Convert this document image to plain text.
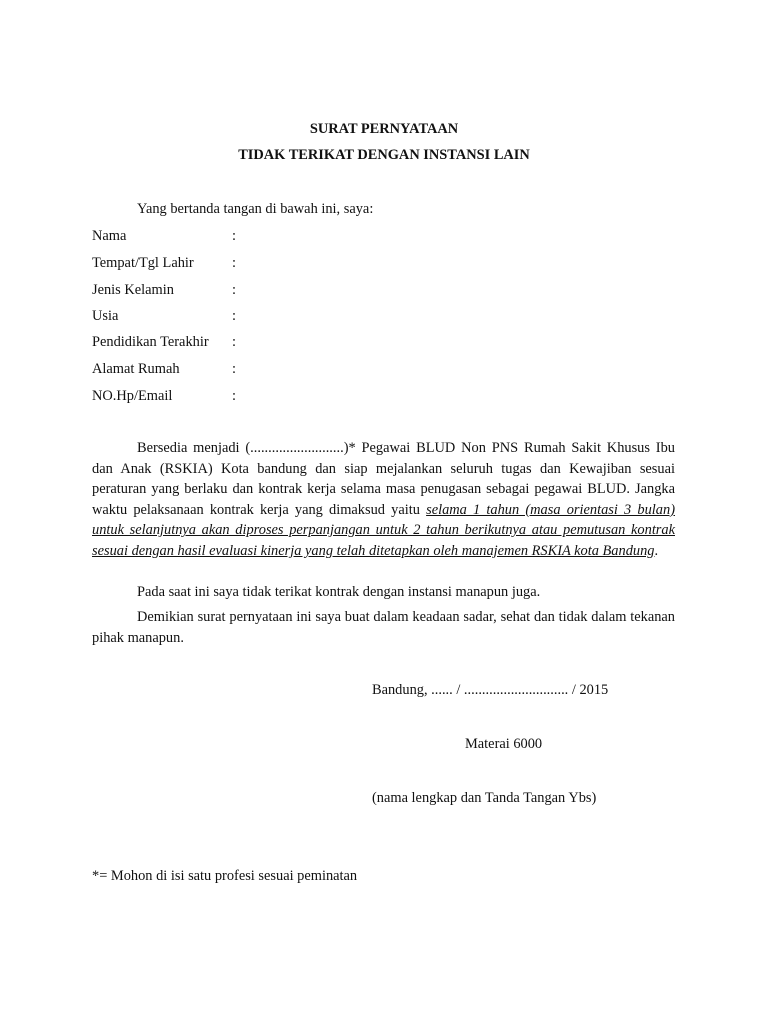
SURAT PERNYATAAN
TIDAK TERIKAT DENGAN INSTANSI LAIN
Yang bertanda tangan di bawah ini, saya:
Nama	:
Tempat/Tgl Lahir	:
Jenis Kelamin	:
Usia	:
Pendidikan Terakhir :
Alamat Rumah	:
NO.Hp/Email	:

Bersedia menjadi (..........................)* Pegawai BLUD Non PNS Rumah Sakit Khusus Ibu dan Anak (RSKIA) Kota bandung dan siap mejalankan seluruh tugas dan Kewajiban sesuai peraturan yang berlaku dan kontrak kerja selama masa penugasan sebagai pegawai BLUD. Jangka waktu pelaksanaan kontrak kerja yang dimaksud yaitu selama 1 tahun (masa orientasi 3 bulan) untuk selanjutnya akan diproses perpanjangan untuk 2 tahun berikutnya atau pemutusan kontrak sesuai dengan hasil evaluasi kinerja yang telah ditetapkan oleh manajemen RSKIA kota Bandung.

Pada saat ini saya tidak terikat kontrak dengan instansi manapun juga.

Demikian surat pernyataan ini saya buat dalam keadaan sadar, sehat dan tidak dalam tekanan pihak manapun.

Bandung, ...... / ............................. / 2015
Materai 6000
(nama lengkap dan Tanda Tangan Ybs)
*= Mohon di isi satu profesi sesuai peminatan
